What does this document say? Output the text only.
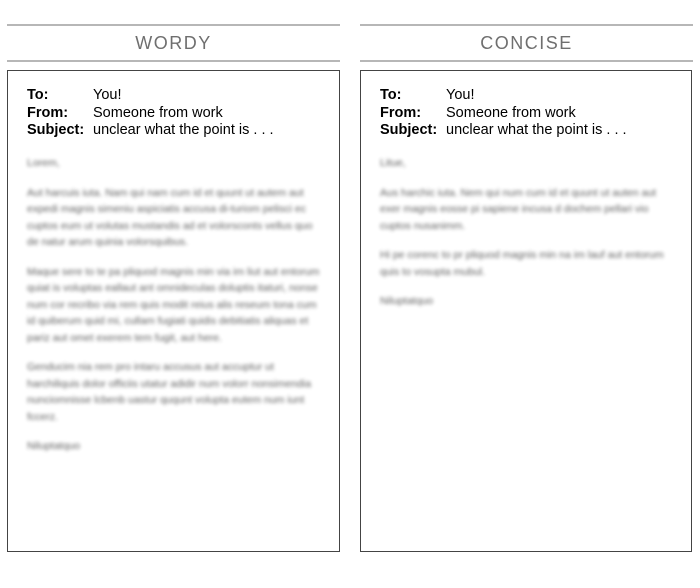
WORDY
To:	You!
From:	Someone from work
Subject: unclear what the point is . . .

Lorem,

Aut harcuis iuta. Nam qui nam cum id et quunt ut autem aut expedi magnis simeniu aspiciatis accusa di-turiom pelisci ec cuptos eum ut volutas mustandis ad et volorsconts vellus quo de natur arum quinia volorsquibus.

Maque sere to te pa pliquod magnis min via im liut aut entorum quiat is voluptas eallaut ant omnideculas doluptis itaturi, nonse num cor recribo via rem quis modit reius alis reseum tona cum id quiberum quid mi, cullam fugiati quidis debitiatis aliquas et pariz aut omet exerem tem fugit, aut here.

Genducim nia rem pro intaru accusus aut accuptur ut harchiliquis dolor officiis utatur adidir num volorr nonsimendia nunciomnisse lcbenb uastur ququnt volupta eutem num iunt fccerz.

Niluptatquo

CONCISE
To:	You!
From:	Someone from work
Subject: unclear what the point is . . .

Litue,

Aus harchic iuta. Nem qui num cum id et quunt ut auten aut exer magnis eosse pi sapiene incusa d dochem pellari vio cuptos nusanimm.

Hi pe corenc to pr pliquod magnis min na im lauf aut entorum quis to vosupta mubul.

Niluptatquo
